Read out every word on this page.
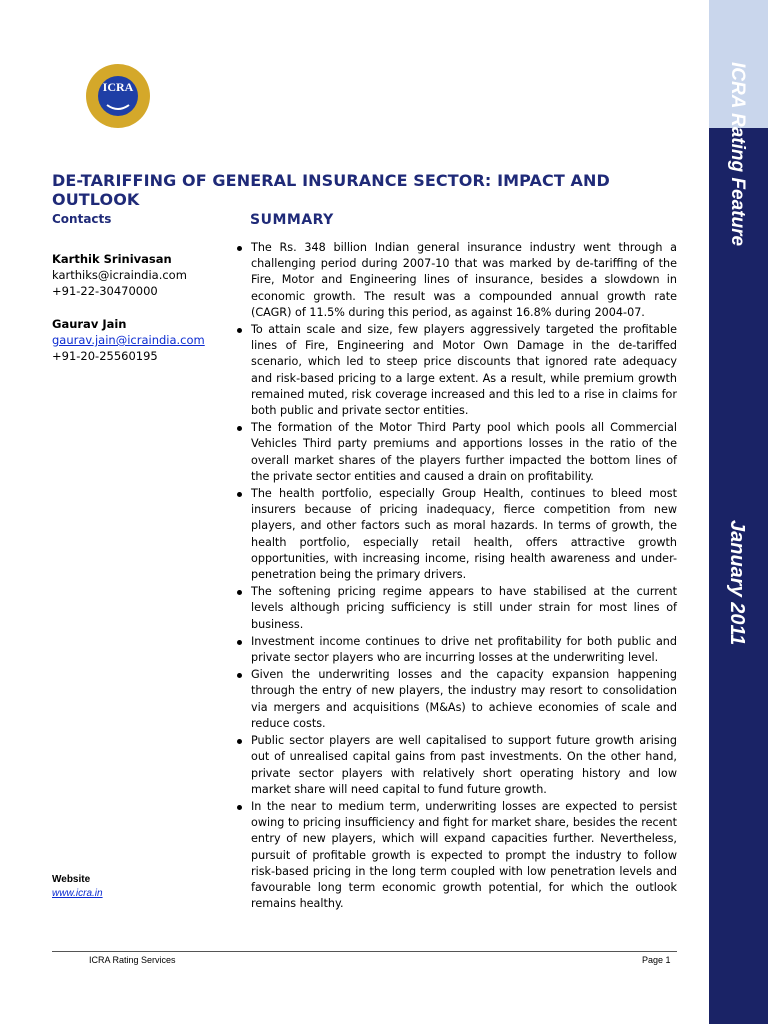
ICRA Rating Feature
January 2011
ICRA
DE-TARIFFING OF GENERAL INSURANCE SECTOR: IMPACT AND OUTLOOK
Contacts
Karthik Srinivasan
karthiks@icraindia.com
+91-22-30470000
Gaurav Jain
gaurav.jain@icraindia.com
+91-20-25560195
Website
www.icra.in
SUMMARY
The Rs. 348 billion Indian general insurance industry went through a challenging period during 2007-10 that was marked by de-tariffing of the Fire, Motor and Engineering lines of insurance, besides a slowdown in economic growth. The result was a compounded annual growth rate (CAGR) of 11.5% during this period, as against 16.8% during 2004-07.
To attain scale and size, few players aggressively targeted the profitable lines of Fire, Engineering and Motor Own Damage in the de-tariffed scenario, which led to steep price discounts that ignored rate adequacy and risk-based pricing to a large extent. As a result, while premium growth remained muted, risk coverage increased and this led to a rise in claims for both public and private sector entities.
The formation of the Motor Third Party pool which pools all Commercial Vehicles Third party premiums and apportions losses in the ratio of the overall market shares of the players further impacted the bottom lines of the private sector entities and caused a drain on profitability.
The health portfolio, especially Group Health, continues to bleed most insurers because of pricing inadequacy, fierce competition from new players, and other factors such as moral hazards. In terms of growth, the health portfolio, especially retail health, offers attractive growth opportunities, with increasing income, rising health awareness and under-penetration being the primary drivers.
The softening pricing regime appears to have stabilised at the current levels although pricing sufficiency is still under strain for most lines of business.
Investment income continues to drive net profitability for both public and private sector players who are incurring losses at the underwriting level.
Given the underwriting losses and the capacity expansion happening through the entry of new players, the industry may resort to consolidation via mergers and acquisitions (M&As) to achieve economies of scale and reduce costs.
Public sector players are well capitalised to support future growth arising out of unrealised capital gains from past investments. On the other hand, private sector players with relatively short operating history and low market share will need capital to fund future growth.
In the near to medium term, underwriting losses are expected to persist owing to pricing insufficiency and fight for market share, besides the recent entry of new players, which will expand capacities further. Nevertheless, pursuit of profitable growth is expected to prompt the industry to follow risk-based pricing in the long term coupled with low penetration levels and favourable long term economic growth potential, for which the outlook remains healthy.
ICRA Rating Services	Page 1
